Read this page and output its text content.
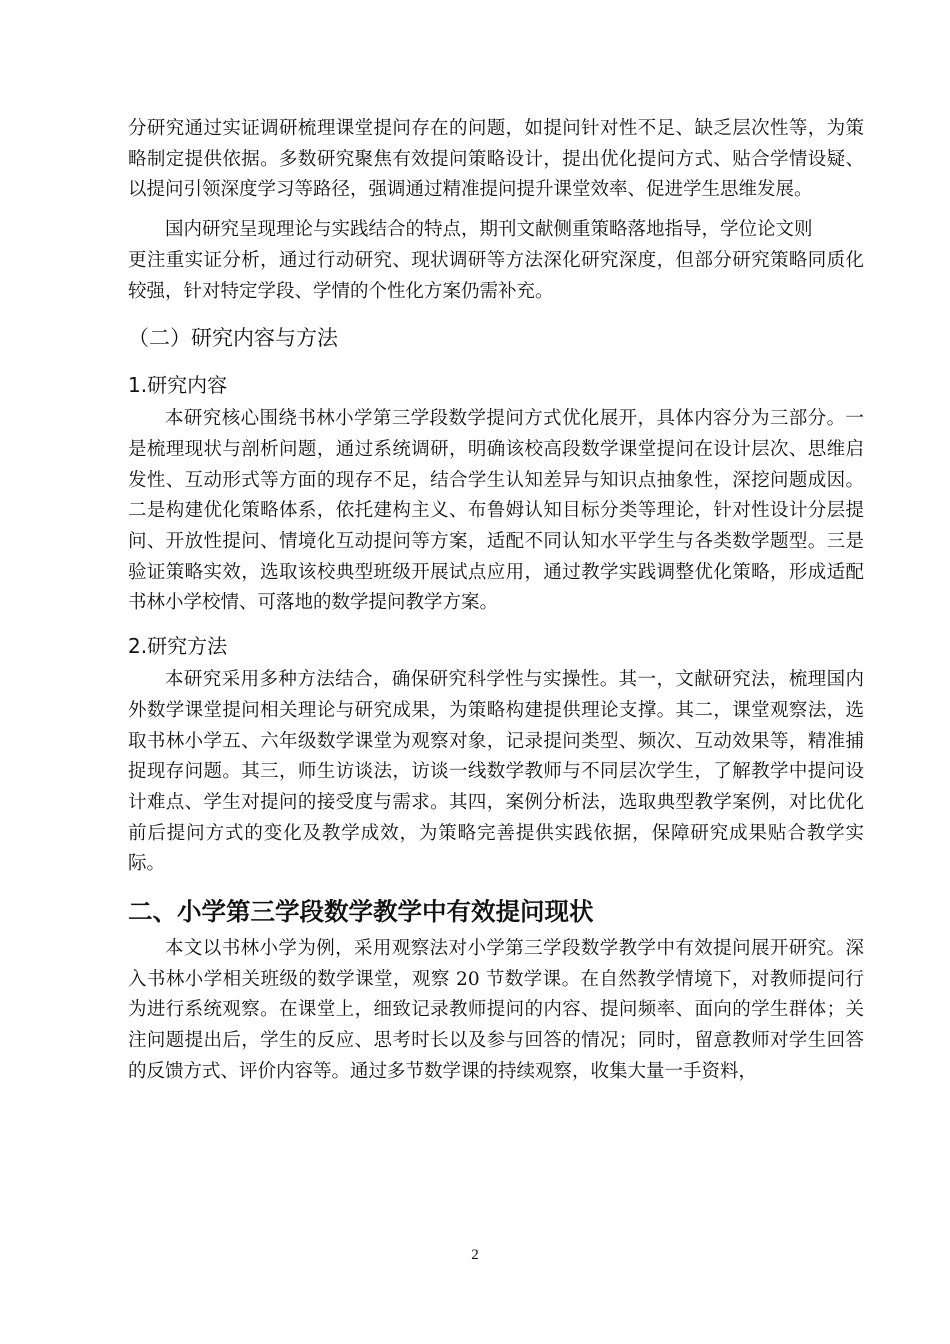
分研究通过实证调研梳理课堂提问存在的问题，如提问针对性不足、缺乏层次性等，为策略制定提供依据。多数研究聚焦有效提问策略设计，提出优化提问方式、贴合学情设疑、以提问引领深度学习等路径，强调通过精准提问提升课堂效率、促进学生思维发展。

国内研究呈现理论与实践结合的特点，期刊文献侧重策略落地指导，学位论文则

更注重实证分析，通过行动研究、现状调研等方法深化研究深度，但部分研究策略同质化较强，针对特定学段、学情的个性化方案仍需补充。

（二）研究内容与方法
1.研究内容

本研究核心围绕书林小学第三学段数学提问方式优化展开，具体内容分为三部分。一是梳理现状与剖析问题，通过系统调研，明确该校高段数学课堂提问在设计层次、思维启发性、互动形式等方面的现存不足，结合学生认知差异与知识点抽象性，深挖问题成因。二是构建优化策略体系，依托建构主义、布鲁姆认知目标分类等理论，针对性设计分层提问、开放性提问、情境化互动提问等方案，适配不同认知水平学生与各类数学题型。三是验证策略实效，选取该校典型班级开展试点应用，通过教学实践调整优化策略，形成适配书林小学校情、可落地的数学提问教学方案。

2.研究方法

本研究采用多种方法结合，确保研究科学性与实操性。其一，文献研究法，梳理国内外数学课堂提问相关理论与研究成果，为策略构建提供理论支撑。其二，课堂观察法，选取书林小学五、六年级数学课堂为观察对象，记录提问类型、频次、互动效果等，精准捕捉现存问题。其三，师生访谈法，访谈一线数学教师与不同层次学生，了解教学中提问设计难点、学生对提问的接受度与需求。其四，案例分析法，选取典型教学案例，对比优化前后提问方式的变化及教学成效，为策略完善提供实践依据，保障研究成果贴合教学实际。

二、小学第三学段数学教学中有效提问现状

本文以书林小学为例，采用观察法对小学第三学段数学教学中有效提问展开研究。深入书林小学相关班级的数学课堂，观察 20 节数学课。在自然教学情境下，对教师提问行为进行系统观察。在课堂上，细致记录教师提问的内容、提问频率、面向的学生群体；关注问题提出后，学生的反应、思考时长以及参与回答的情况；同时，留意教师对学生回答的反馈方式、评价内容等。通过多节数学课的持续观察，收集大量一手资料，

2
